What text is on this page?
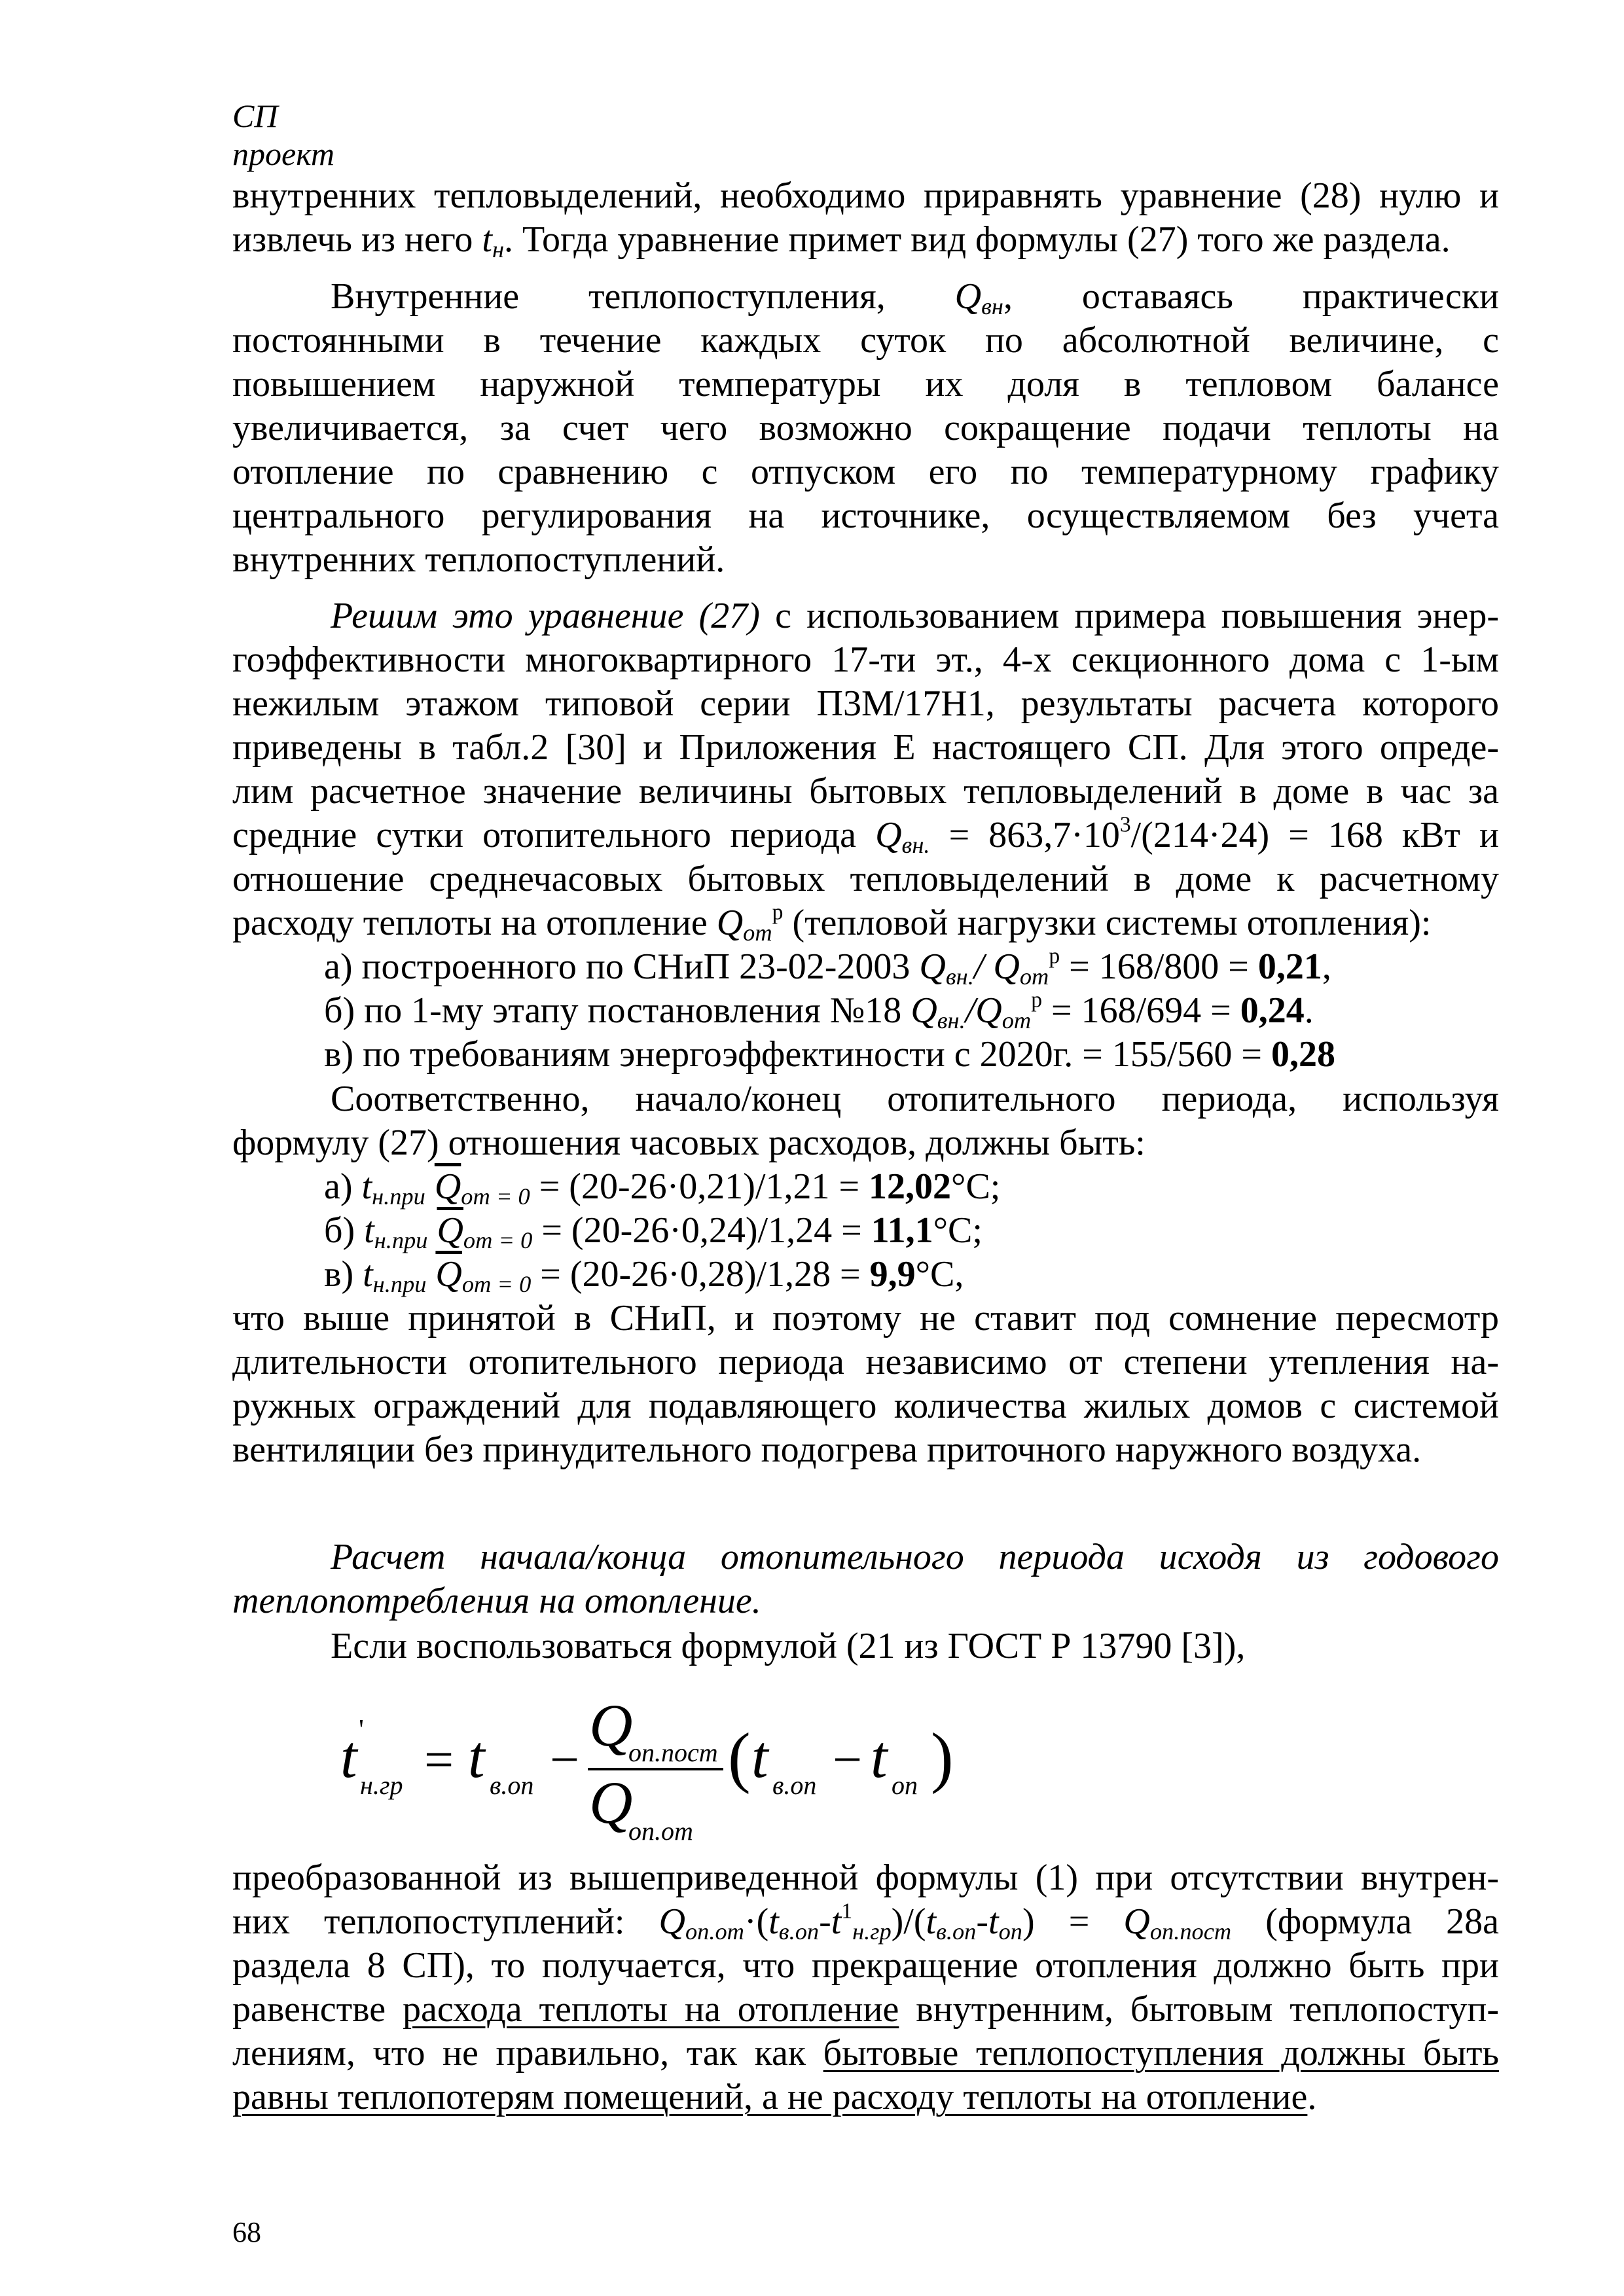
СП
проект
внутренних тепловыделений, необходимо приравнять уравнение (28) нулю и
извлечь из него tн. Тогда уравнение примет вид формулы (27) того же раздела.
Внутренние теплопоступления, Qвн, оставаясь практически
постоянными в течение каждых суток по абсолютной величине, с
повышением наружной температуры их доля в тепловом балансе
увеличивается, за счет чего возможно сокращение подачи теплоты на
отопление по сравнению с отпуском его по температурному графику
центрального регулирования на источнике, осуществляемом без учета
внутренних теплопоступлений.
Решим это уравнение (27) с использованием примера повышения энер-
гоэффективности многоквартирного 17-ти эт., 4-х секционного дома с 1-ым
нежилым этажом типовой серии П3М/17Н1, результаты расчета которого
приведены в табл.2 [30] и Приложения Е настоящего СП. Для этого опреде-
лим расчетное значение величины бытовых тепловыделений в доме в час за
средние сутки отопительного периода Qвн. = $863,7\cdot 10^3/(214\cdot 24) = 168$ кВт и
отношение среднечасовых бытовых тепловыделений в доме к расчетному
расходу теплоты на отопление Qот$^р$ (тепловой нагрузки системы отопления):
а) построенного по СНиП 23-02-2003 Qвн./ Qот$^р$ = 168/800 = 0,21,
б) по 1-му этапу постановления №18 Qвн./Qот$^р$ = 168/694 = 0,24.
в) по требованиям энергоэффектиности с 2020г. = 155/560 = 0,28
Соответственно, начало/конец отопительного периода, используя
формулу (27) отношения часовых расходов, должны быть:
а) tн.при $\overline{Q}от = 0 = (20-26\cdot 0,21)/1,21 = 12,02^\circ С$;
б) tн.при $\overline{Q}от = 0 = (20-26\cdot 0,24)/1,24 = 11,1^\circ С$;
в) tн.при $\overline{Q}от = 0 = (20-26\cdot 0,28)/1,28 = 9,9^\circ С$,
что выше принятой в СНиП, и поэтому не ставит под сомнение пересмотр
длительности отопительного периода независимо от степени утепления на-
ружных ограждений для подавляющего количества жилых домов с системой
вентиляции без принудительного подогрева приточного наружного воздуха.
Расчет начала/конца отопительного периода исходя из годового
теплопотребления на отопление.
Если воспользоваться формулой (21 из ГОСТ Р 13790 [3]),
t '
н.гр = t в.оп −
Q
оп.пост
Q
оп.от
( t в.оп − t оп )
преобразованной из вышеприведенной формулы (1) при отсутствии внутрен-
них теплопоступлений: $Qоп.от\cdot(tв.оп-t^1н.гр)/(tв.оп-tоп)$ = Qоп.пост (формула 28а
раздела 8 СП), то получается, что прекращение отопления должно быть при
равенстве расхода теплоты на отопление внутренним, бытовым теплопоступ-
лениям, что не правильно, так как бытовые теплопоступления должны быть
равны теплопотерям помещений, а не расходу теплоты на отопление.
68
